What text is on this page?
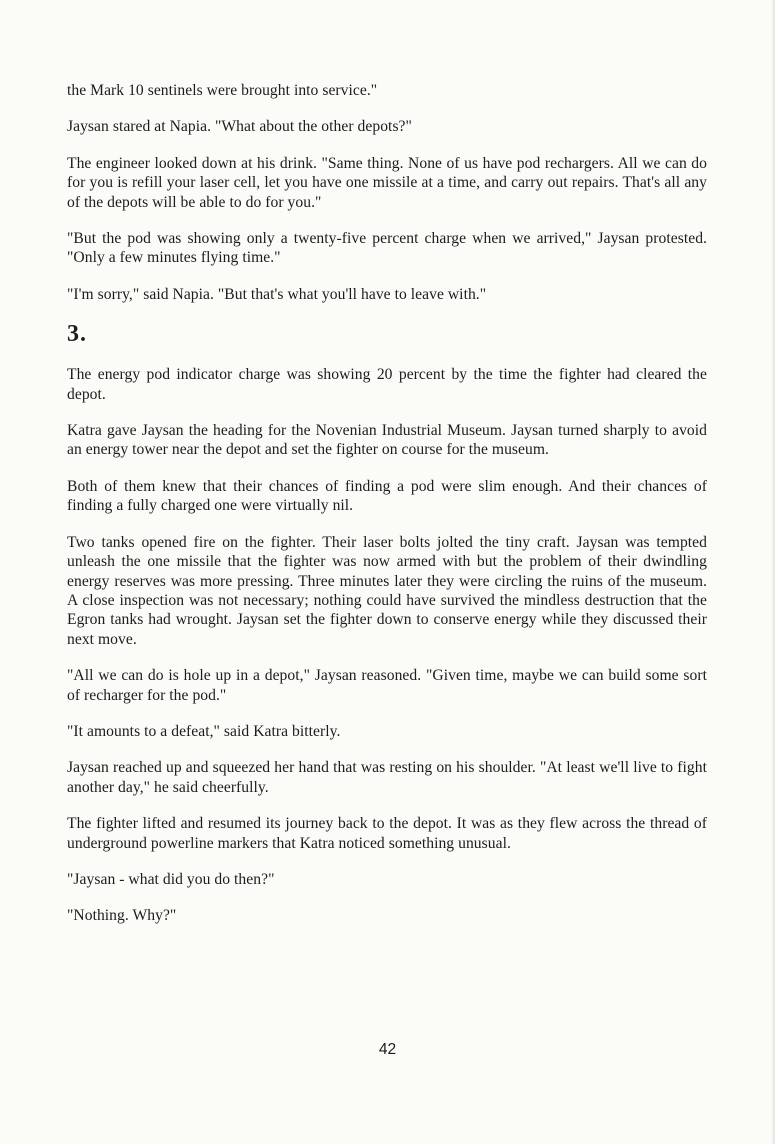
the Mark 10 sentinels were brought into service."

Jaysan stared at Napia. "What about the other depots?"

The engineer looked down at his drink. "Same thing. None of us have pod rechargers. All we can do for you is refill your laser cell, let you have one missile at a time, and carry out repairs. That's all any of the depots will be able to do for you."

"But the pod was showing only a twenty-five percent charge when we arrived," Jaysan protested. "Only a few minutes flying time."

"I'm sorry," said Napia. "But that's what you'll have to leave with."

3.

The energy pod indicator charge was showing 20 percent by the time the fighter had cleared the depot.

Katra gave Jaysan the heading for the Novenian Industrial Museum. Jaysan turned sharply to avoid an energy tower near the depot and set the fighter on course for the museum.

Both of them knew that their chances of finding a pod were slim enough. And their chances of finding a fully charged one were virtually nil.

Two tanks opened fire on the fighter. Their laser bolts jolted the tiny craft. Jaysan was tempted unleash the one missile that the fighter was now armed with but the problem of their dwindling energy reserves was more pressing. Three minutes later they were circling the ruins of the museum. A close inspection was not necessary; nothing could have survived the mindless destruction that the Egron tanks had wrought. Jaysan set the fighter down to conserve energy while they discussed their next move.

"All we can do is hole up in a depot," Jaysan reasoned. "Given time, maybe we can build some sort of recharger for the pod."

"It amounts to a defeat," said Katra bitterly.

Jaysan reached up and squeezed her hand that was resting on his shoulder. "At least we'll live to fight another day," he said cheerfully.

The fighter lifted and resumed its journey back to the depot. It was as they flew across the thread of underground powerline markers that Katra noticed something unusual.

"Jaysan - what did you do then?"

"Nothing. Why?"

42
